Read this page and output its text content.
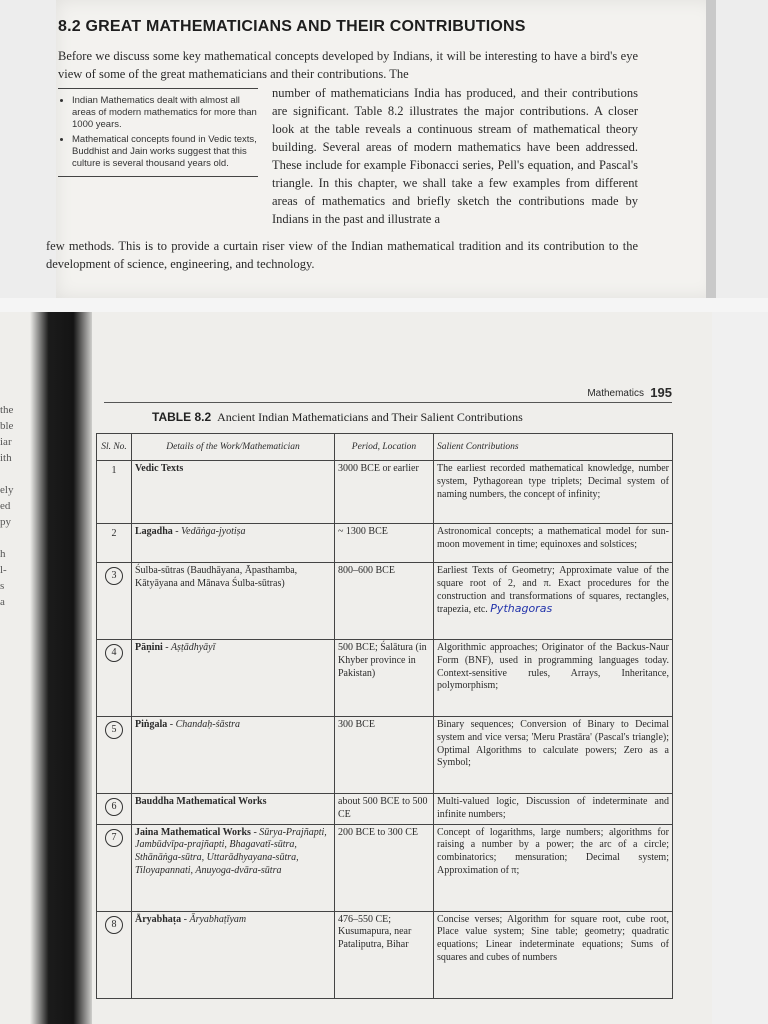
8.2 GREAT MATHEMATICIANS AND THEIR CONTRIBUTIONS
Before we discuss some key mathematical concepts developed by Indians, it will be interesting to have a bird's eye view of some of the great mathematicians and their contributions. The
• Indian Mathematics dealt with almost all areas of modern mathematics for more than 1000 years.
• Mathematical concepts found in Vedic texts, Buddhist and Jain works suggest that this culture is several thousand years old.
number of mathematicians India has produced, and their contributions are significant. Table 8.2 illustrates the major contributions. A closer look at the table reveals a continuous stream of mathematical theory building. Several areas of modern mathematics have been addressed. These include for example Fibonacci series, Pell's equation, and Pascal's triangle. In this chapter, we shall take a few examples from different areas of mathematics and briefly sketch the contributions made by Indians in the past and illustrate a
few methods. This is to provide a curtain riser view of the Indian mathematical tradition and its contribution to the development of science, engineering, and technology.
the
ble
iar
ith
ely
ed
py
h
l-
s
a
Mathematics 195
TABLE 8.2 Ancient Indian Mathematicians and Their Salient Contributions
Sl. No.	Details of the Work/Mathematician	Period, Location	Salient Contributions
1	Vedic Texts	3000 BCE or earlier	The earliest recorded mathematical knowledge, number system, Pythagorean type triplets; Decimal system of naming numbers, the concept of infinity;
2	Lagadha - Vedāṅga-jyotiṣa	~ 1300 BCE	Astronomical concepts; a mathematical model for sun-moon movement in time; equinoxes and solstices;
3	Śulba-sūtras (Baudhāyana, Āpasthamba, Kātyāyana and Mānava Śulba-sūtras)	800–600 BCE	Earliest Texts of Geometry; Approximate value of the square root of 2, and π. Exact procedures for the construction and transformations of squares, rectangles, trapezia, etc. Pythagoras
4	Pāṇini - Aṣṭādhyāyī	500 BCE; Śalātura (in Khyber province in Pakistan)	Algorithmic approaches; Originator of the Backus-Naur Form (BNF), used in programming languages today. Context-sensitive rules, Arrays, Inheritance, polymorphism;
5	Piṅgala - Chandaḥ-śāstra	300 BCE	Binary sequences; Conversion of Binary to Decimal system and vice versa; 'Meru Prastāra' (Pascal's triangle); Optimal Algorithms to calculate powers; Zero as a Symbol;
6	Bauddha Mathematical Works	about 500 BCE to 500 CE	Multi-valued logic, Discussion of indeterminate and infinite numbers;
7	Jaina Mathematical Works - Sūrya-Prajñapti, Jambūdvīpa-prajñapti, Bhagavatī-sūtra, Sthānāṅga-sūtra, Uttarādhyayana-sūtra, Tiloyapannati, Anuyoga-dvāra-sūtra	200 BCE to 300 CE	Concept of logarithms, large numbers; algorithms for raising a number by a power; the arc of a circle; combinatorics; mensuration; Decimal system; Approximation of π;
8	Āryabhaṭa - Āryabhaṭīyam	476–550 CE; Kusumapura, near Pataliputra, Bihar	Concise verses; Algorithm for square root, cube root, Place value system; Sine table; geometry; quadratic equations; Linear indeterminate equations; Sums of squares and cubes of numbers
